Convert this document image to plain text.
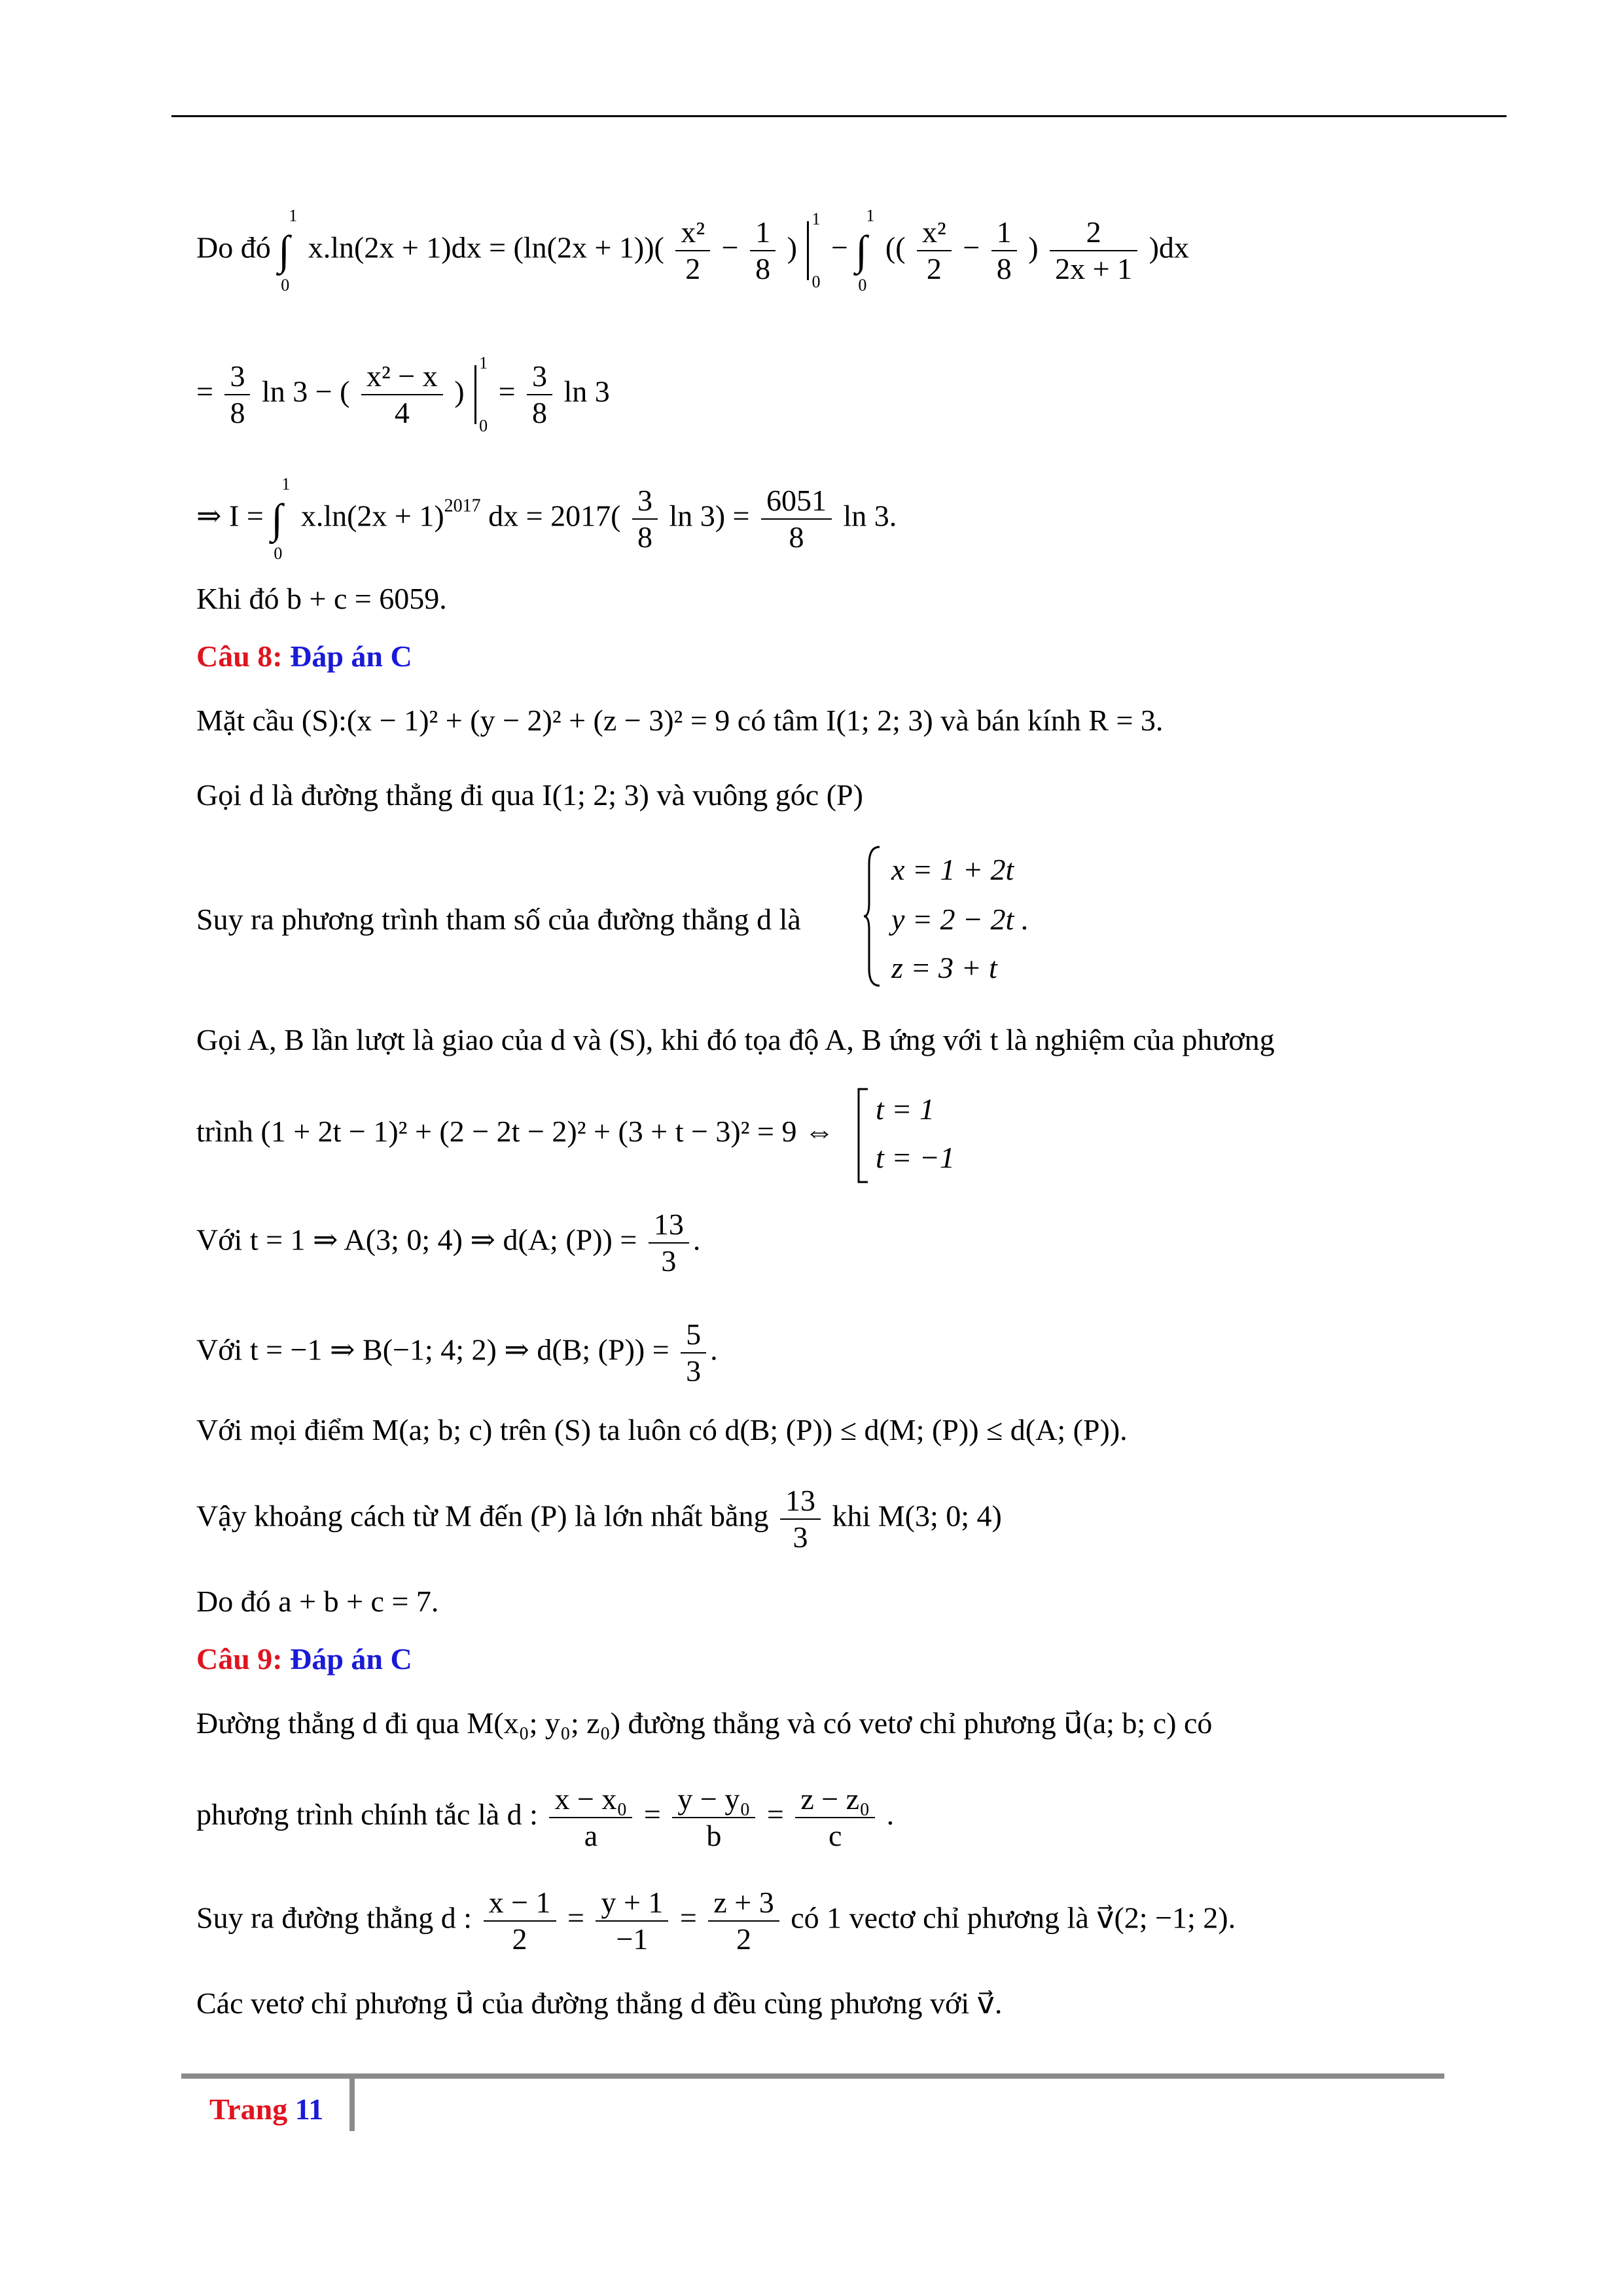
Do đó ∫
1
0
$x.\ln(2x + 1)dx = (\ln(2x + 1))( \frac{\text{x²}}{2} - \frac{1}{8}$ )
1
0
− ∫
1
0
(( $\frac{\text{x²}}{2} - \frac{1}{8}$ ) $\frac{2}{2x + 1} )dx$
= $\frac{3}{8}$ ln 3 − ( $\frac{\text{x² − x}}{4}$ )
1
0
= $\frac{3}{8}$ ln 3
⇒ I = ∫
1
0
$x.\ln(2x + 1)^{2017}$ dx = $2017( \frac{3}{8}$ $\ln 3) = \frac{6051}{8}$ ln 3.
Khi đó b + c = 6059.
Câu 8: Đáp án C
Mặt cầu (S):(x − 1)² + (y − 2)² + (z − 3)² = 9 có tâm I(1; 2; 3) và bán kính R = 3.
Gọi d là đường thẳng đi qua I(1; 2; 3) và vuông góc (P)
Suy ra phương trình tham số của đường thẳng d là
x = 1 + 2t
y = 2 − 2t .
z = 3 + t
Gọi A, B lần lượt là giao của d và (S), khi đó tọa độ A, B ứng với t là nghiệm của phương
trình (1 + 2t − 1)² + (2 − 2t − 2)² + (3 + t − 3)² = 9 ⇔
t = 1
t = −1
Với t = 1 ⇒ A(3; 0; 4) ⇒ d(A; $(P)) = \frac{13}{3}$ .
Với t = −1 ⇒ B(−1; 4; 2) ⇒ d(B; $(P)) = \frac{5}{3}$ .
Với mọi điểm M(a; b; c) trên (S) ta luôn có d(B; (P)) ≤ d(M; (P)) ≤ d(A; (P)).
Vậy khoảng cách từ M đến (P) là lớn nhất bằng $\frac{13}{3}$ khi M(3; 0; 4)
Do đó a + b + c = 7.
Câu 9: Đáp án C
Đường thẳng d đi qua M(x₀; y₀; z₀) đường thẳng và có vetơ chỉ phương u⃗(a; b; c) có
phương trình chính tắc là d : $\frac{\text{x − x₀}}{a} = \frac{\text{y − y₀}}{b} = \frac{\text{z − z₀}}{c}$ .
Suy ra đường thẳng d : $\frac{x - 1}{2} = \frac{y + 1}{-1} = \frac{z + 3}{2}$ có 1 vectơ chỉ phương là v⃗(2; −1; 2).
Các vetơ chỉ phương u⃗ của đường thẳng d đều cùng phương với v⃗.
Trang 11
